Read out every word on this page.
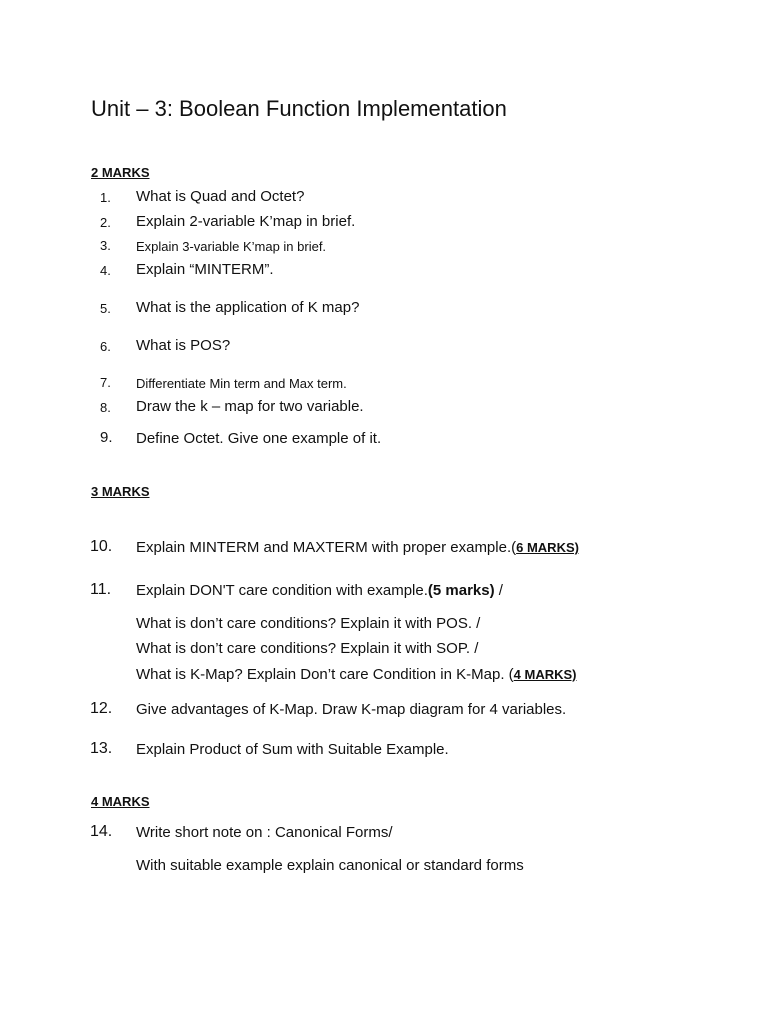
Unit – 3: Boolean Function Implementation
2 MARKS
1. What is Quad and Octet?
2. Explain 2-variable K’map in brief.
3. Explain 3-variable K’map in brief.
4. Explain “MINTERM”.
5. What is the application of K map?
6. What is POS?
7. Differentiate Min term and Max term.
8. Draw the k – map for two variable.
9. Define Octet. Give one example of it.
3 MARKS
10. Explain MINTERM and MAXTERM with proper example.(6 MARKS)
11. Explain DON'T care condition with example.(5 marks) /
What is don’t care conditions? Explain it with POS. /
What is don’t care conditions? Explain it with SOP. /
What is K-Map? Explain Don’t care Condition in K-Map. (4 MARKS)
12. Give advantages of K-Map. Draw K-map diagram for 4 variables.
13. Explain Product of Sum with Suitable Example.
4 MARKS
14. Write short note on : Canonical Forms/
With suitable example explain canonical or standard forms
